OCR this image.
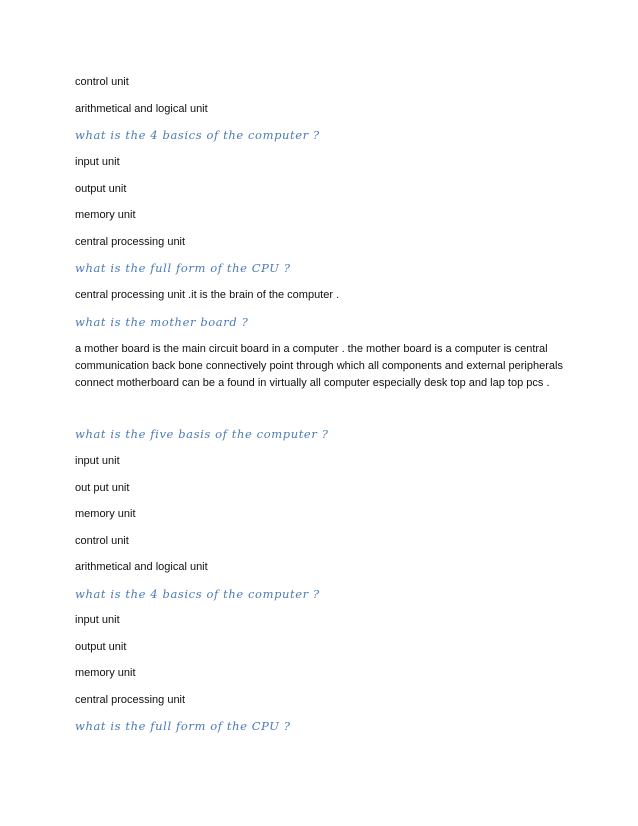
control unit
arithmetical and logical unit
what is the 4 basics of the computer ?
input unit
output unit
memory unit
central processing unit
what is the full form of the CPU ?
central processing unit .it is the brain of the computer .
what is the mother board ?
a mother board is the main circuit board in a computer . the mother board is a computer is central
communication back bone connectively point through which all components and external peripherals
connect motherboard can be a found in virtually all computer especially desk top and lap top pcs .
what is the five basis of the computer ?
input unit
out put unit
memory unit
control unit
arithmetical and logical unit
what is the 4 basics of the computer ?
input unit
output unit
memory unit
central processing unit
what is the full form of the CPU ?
